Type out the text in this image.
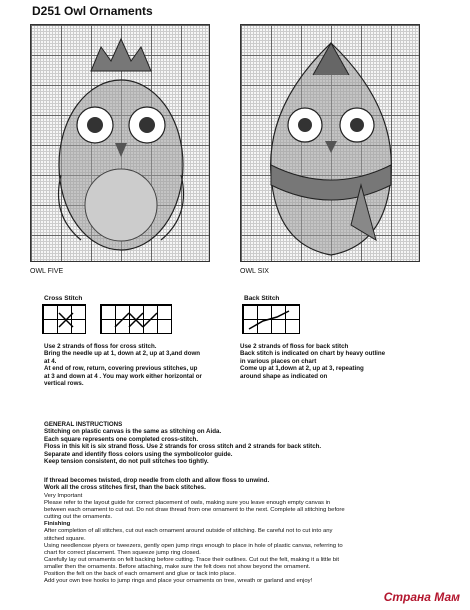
D251 Owl Ornaments
OWL FIVE	OWL SIX
Cross Stitch	Back Stitch
Use 2 strands of floss for cross stitch.
Bring the needle up at 1, down at 2, up at 3,and down
at 4.
At end of row, return, covering previous stitches, up
at 3 and down at 4 . You may work either horizontal or
vertical rows.
Use 2 strands of floss for back stitch
Back stitch is indicated on chart by heavy outline
in various places on chart
Come up at 1,down at 2, up at 3, repeating
around shape as indicated on
GENERAL INSTRUCTIONS
Stitching on plastic canvas is the same as stitching on Aida.
Each square represents one completed cross-stitch.
Floss in this kit is six strand floss. Use 2 strands for cross stitch and 2 strands for back stitch.
Separate and identify floss colors using the symbol/color guide.
Keep tension consistent, do not pull stitches too tightly.
If thread becomes twisted, drop needle from cloth and allow floss to unwind.
Work all the cross stitches first, than the back stitches.
Very Important
Please refer to the layout guide for correct placement of owls, making sure you leave enough empty canvas in
between each ornament to cut out. Do not draw thread from one ornament to the next. Complete all stitching before
cutting out the ornaments.
Finishing
After completion of all stitches, cut out each ornament around outside of stitching. Be careful not to cut into any
stitched square.
Using needlenose plyers or tweezers, gently open jump rings enough to place in hole of plastic canvas, referring to
chart for correct placement. Then squeeze jump ring closed.
Carefully lay out ornaments on felt backing before cutting. Trace their outlines. Cut out the felt, making it a little bit
smaller then the ornaments. Before attaching, make sure the felt does not show beyond the ornament.
Position the felt on the back of each ornament and glue or tack into place.
Add your own tree hooks to jump rings and place your ornaments on tree, wreath or garland and enjoy!
Страна Мам
